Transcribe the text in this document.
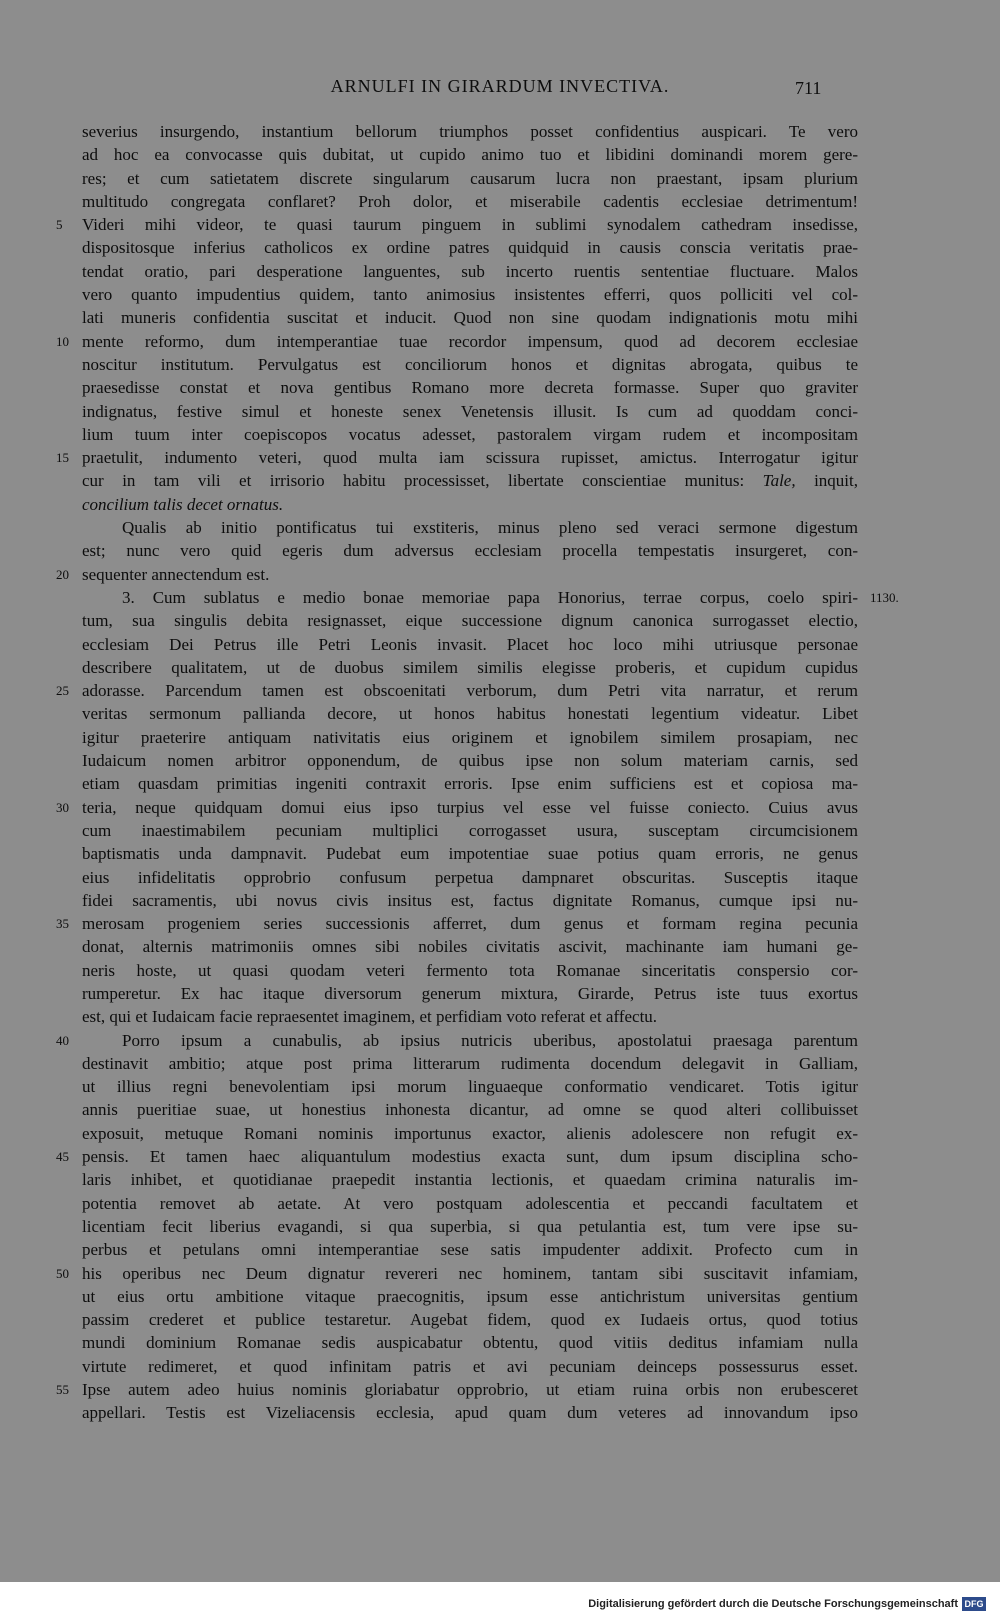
ARNULFI IN GIRARDUM INVECTIVA.	711
severius insurgendo, instantium bellorum triumphos posset confidentius auspicari. Te vero
ad hoc ea convocasse quis dubitat, ut cupido animo tuo et libidini dominandi morem gere-
res; et cum satietatem discrete singularum causarum lucra non praestant, ipsam plurium
multitudo congregata conflaret? Proh dolor, et miserabile cadentis ecclesiae detrimentum!
5	Videri mihi videor, te quasi taurum pinguem in sublimi synodalem cathedram insedisse,
dispositosque inferius catholicos ex ordine patres quidquid in causis conscia veritatis prae-
tendat oratio, pari desperatione languentes, sub incerto ruentis sententiae fluctuare. Malos
vero quanto impudentius quidem, tanto animosius insistentes efferri, quos polliciti vel col-
lati muneris confidentia suscitat et inducit. Quod non sine quodam indignationis motu mihi
10 mente reformo, dum intemperantiae tuae recordor impensum, quod ad decorem ecclesiae
noscitur institutum. Pervulgatus est conciliorum honos et dignitas abrogata, quibus te
praesedisse constat et nova gentibus Romano more decreta formasse. Super quo graviter
indignatus, festive simul et honeste senex Venetensis illusit. Is cum ad quoddam conci-
lium tuum inter coepiscopos vocatus adesset, pastoralem virgam rudem et incompositam
15 praetulit, indumento veteri, quod multa iam scissura rupisset, amictus. Interrogatur igitur
cur in tam vili et irrisorio habitu processisset, libertate conscientiae munitus: Tale, inquit,
concilium talis decet ornatus.
Qualis ab initio pontificatus tui exstiteris, minus pleno sed veraci sermone digestum
est; nunc vero quid egeris dum adversus ecclesiam procella tempestatis insurgeret, con-
20 sequenter annectendum est.
3. Cum sublatus e medio bonae memoriae papa Honorius, terrae corpus, coelo spiri- 1130.
tum, sua singulis debita resignasset, eique successione dignum canonica surrogasset electio,
ecclesiam Dei Petrus ille Petri Leonis invasit. Placet hoc loco mihi utriusque personae
describere qualitatem, ut de duobus similem similis elegisse proberis, et cupidum cupidus
25 adorasse. Parcendum tamen est obscoenitati verborum, dum Petri vita narratur, et rerum
veritas sermonum pallianda decore, ut honos habitus honestati legentium videatur. Libet
igitur praeterire antiquam nativitatis eius originem et ignobilem similem prosapiam, nec
Iudaicum nomen arbitror opponendum, de quibus ipse non solum materiam carnis, sed
etiam quasdam primitias ingeniti contraxit erroris. Ipse enim sufficiens est et copiosa ma-
30 teria, neque quidquam domui eius ipso turpius vel esse vel fuisse coniecto. Cuius avus
cum inaestimabilem pecuniam multiplici corrogasset usura, susceptam circumcisionem
baptismatis unda dampnavit. Pudebat eum impotentiae suae potius quam erroris, ne genus
eius infidelitatis opprobrio confusum perpetua dampnaret obscuritas. Susceptis itaque
fidei sacramentis, ubi novus civis insitus est, factus dignitate Romanus, cumque ipsi nu-
35 merosam progeniem series successionis afferret, dum genus et formam regina pecunia
donat, alternis matrimoniis omnes sibi nobiles civitatis ascivit, machinante iam humani ge-
neris hoste, ut quasi quodam veteri fermento tota Romanae sinceritatis conspersio cor-
rumperetur. Ex hac itaque diversorum generum mixtura, Girarde, Petrus iste tuus exortus
est, qui et Iudaicam facie repraesentet imaginem, et perfidiam voto referat et affectu.
40	Porro ipsum a cunabulis, ab ipsius nutricis uberibus, apostolatui praesaga parentum
destinavit ambitio; atque post prima litterarum rudimenta docendum delegavit in Galliam,
ut illius regni benevolentiam ipsi morum linguaeque conformatio vendicaret. Totis igitur
annis pueritiae suae, ut honestius inhonesta dicantur, ad omne se quod alteri collibuisset
exposuit, metuque Romani nominis importunus exactor, alienis adolescere non refugit ex-
45 pensis. Et tamen haec aliquantulum modestius exacta sunt, dum ipsum disciplina scho-
laris inhibet, et quotidianae praepedit instantia lectionis, et quaedam crimina naturalis im-
potentia removet ab aetate. At vero postquam adolescentia et peccandi facultatem et
licentiam fecit liberius evagandi, si qua superbia, si qua petulantia est, tum vere ipse su-
perbus et petulans omni intemperantiae sese satis impudenter addixit. Profecto cum in
50 his operibus nec Deum dignatur revereri nec hominem, tantam sibi suscitavit infamiam,
ut eius ortu ambitione vitaque praecognitis, ipsum esse antichristum universitas gentium
passim crederet et publice testaretur. Augebat fidem, quod ex Iudaeis ortus, quod totius
mundi dominium Romanae sedis auspicabatur obtentu, quod vitiis deditus infamiam nulla
virtute redimeret, et quod infinitam patris et avi pecuniam deinceps possessurus esset.
55 Ipse autem adeo huius nominis gloriabatur opprobrio, ut etiam ruina orbis non erubesceret
appellari. Testis est Vizeliacensis ecclesia, apud quam dum veteres ad innovandum ipso
Digitalisierung gefördert durch die Deutsche Forschungsgemeinschaft DFG
